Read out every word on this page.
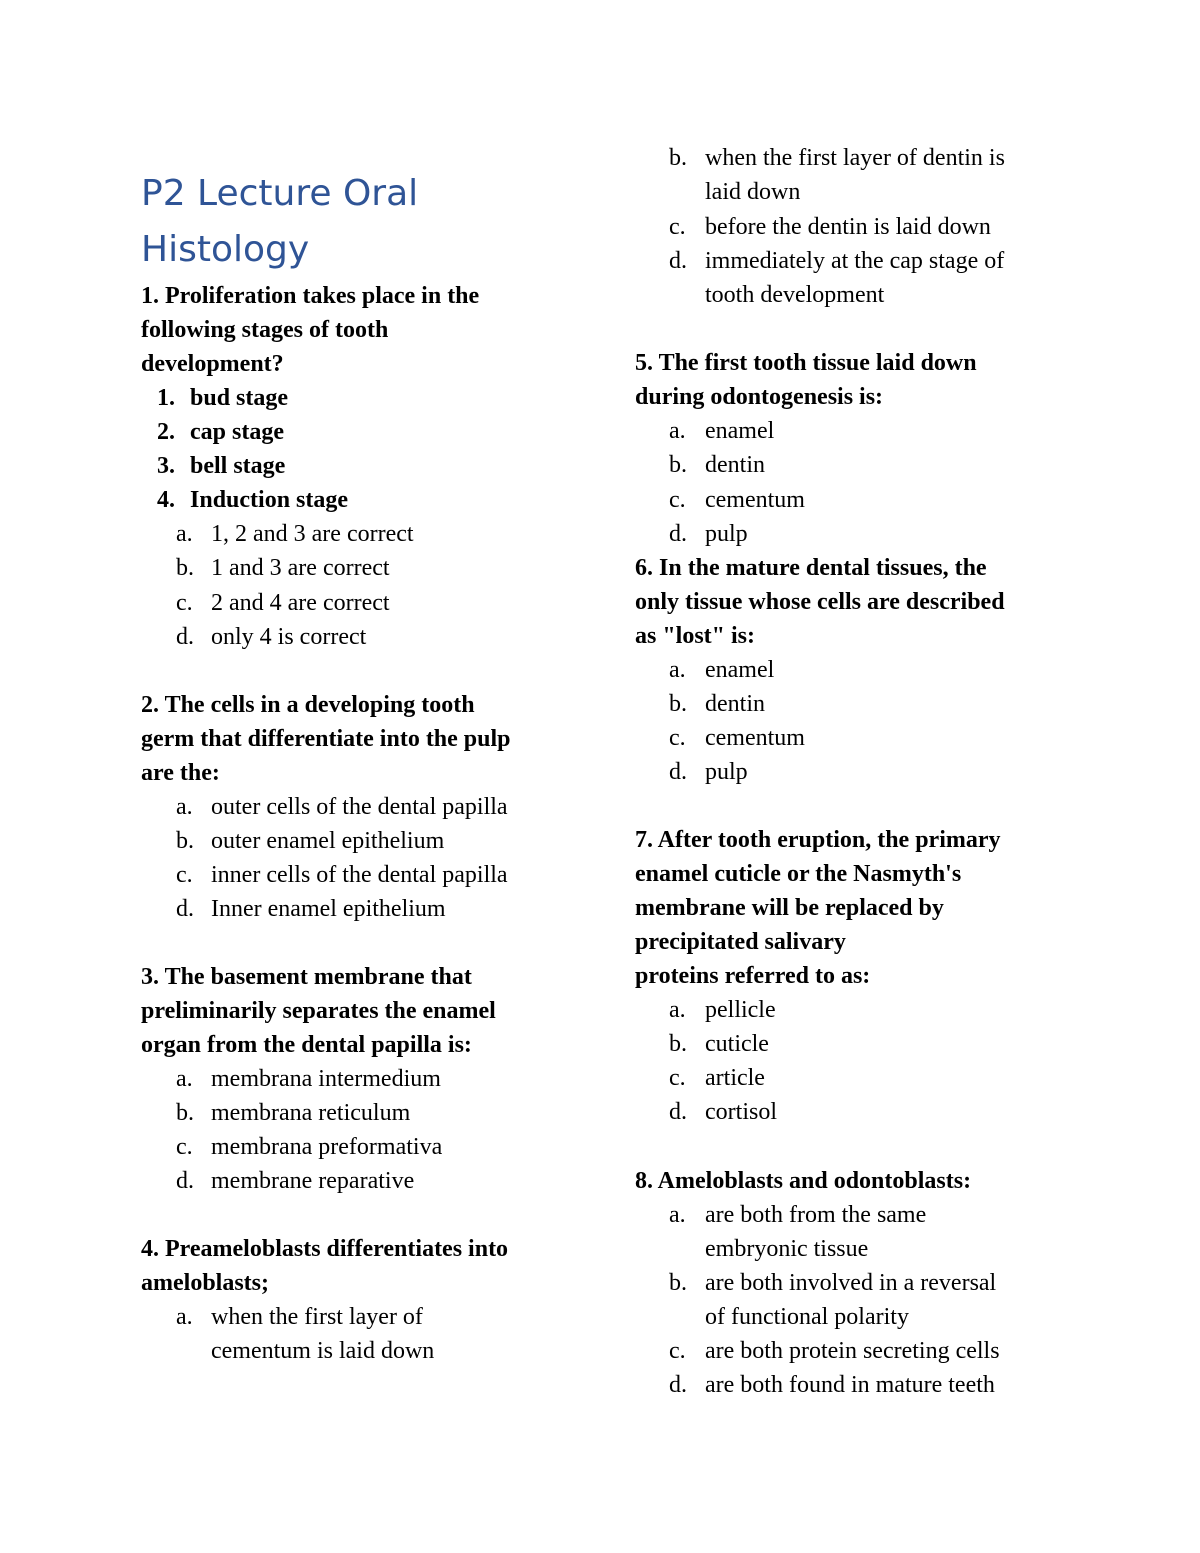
P2 Lecture Oral
Histology
1. Proliferation takes place in the
following stages of tooth
development?
1. bud stage
2. cap stage
3. bell stage
4. Induction stage
a. 1, 2 and 3 are correct
b. 1 and 3 are correct
c. 2 and 4 are correct
d. only 4 is correct
2. The cells in a developing tooth
germ that differentiate into the pulp
are the:
a. outer cells of the dental papilla
b. outer enamel epithelium
c. inner cells of the dental papilla
d. Inner enamel epithelium
3. The basement membrane that
preliminarily separates the enamel
organ from the dental papilla is:
a. membrana intermedium
b. membrana reticulum
c. membrana preformativa
d. membrane reparative
4. Preameloblasts differentiates into
ameloblasts;
a. when the first layer of
cementum is laid down
b. when the first layer of dentin is
laid down
c. before the dentin is laid down
d. immediately at the cap stage of
tooth development
5. The first tooth tissue laid down
during odontogenesis is:
a. enamel
b. dentin
c. cementum
d. pulp
6. In the mature dental tissues, the
only tissue whose cells are described
as "lost" is:
a. enamel
b. dentin
c. cementum
d. pulp
7. After tooth eruption, the primary
enamel cuticle or the Nasmyth's
membrane will be replaced by
precipitated salivary
proteins referred to as:
a. pellicle
b. cuticle
c. article
d. cortisol
8. Ameloblasts and odontoblasts:
a. are both from the same
embryonic tissue
b. are both involved in a reversal
of functional polarity
c. are both protein secreting cells
d. are both found in mature teeth
